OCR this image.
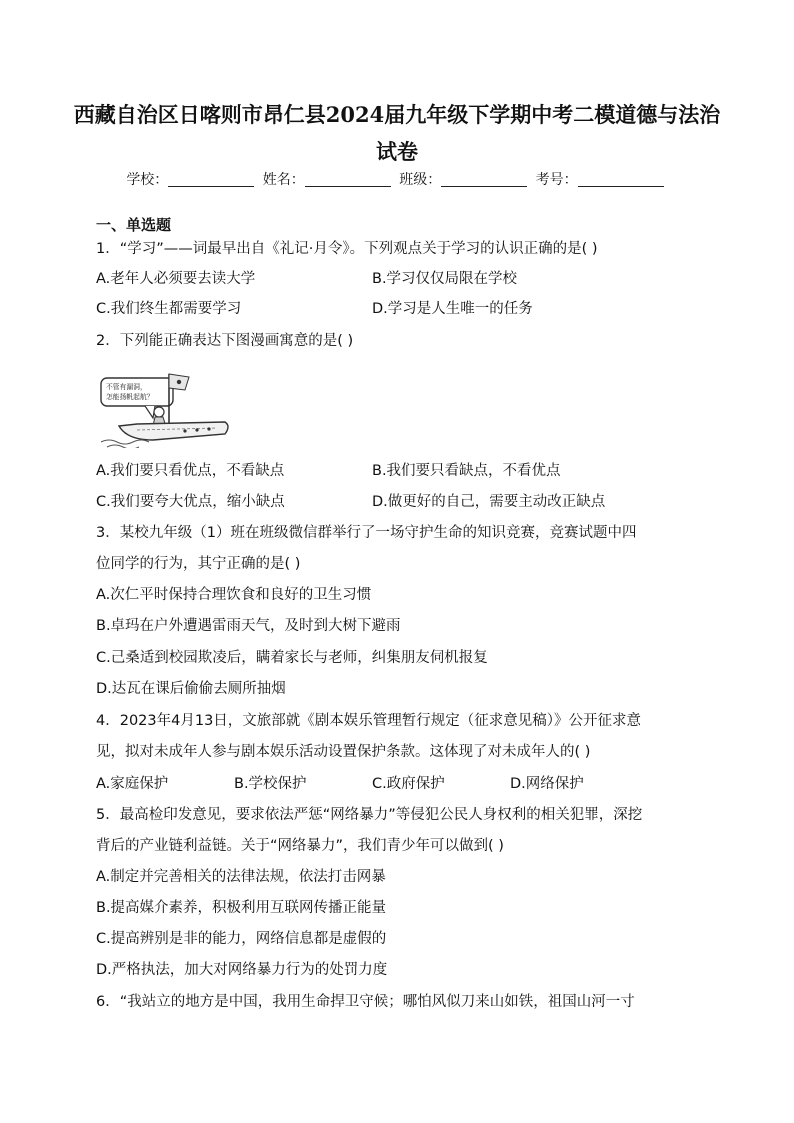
西藏自治区日喀则市昂仁县2024届九年级下学期中考二模道德与法治
试卷
学校：	姓名：	班级：	考号：
一、单选题
1．“学习”——词最早出自《礼记·月令》。下列观点关于学习的认识正确的是( )
A.老年人必须要去读大学	B.学习仅仅局限在学校
C.我们终生都需要学习	D.学习是人生唯一的任务
2．下列能正确表达下图漫画寓意的是( )
不管有漏洞，
怎能扬帆起航？
A.我们要只看优点，不看缺点	B.我们要只看缺点，不看优点
C.我们要夸大优点，缩小缺点	D.做更好的自己，需要主动改正缺点
3．某校九年级（1）班在班级微信群举行了一场守护生命的知识竞赛，竞赛试题中四
位同学的行为，其宁正确的是( )
A.次仁平时保持合理饮食和良好的卫生习惯
B.卓玛在户外遭遇雷雨天气，及时到大树下避雨
C.己桑适到校园欺凌后，瞒着家长与老师，纠集朋友伺机报复
D.达瓦在课后偷偷去厕所抽烟
4．2023年4月13日，文旅部就《剧本娱乐管理暂行规定（征求意见稿）》公开征求意
见，拟对未成年人参与剧本娱乐活动设置保护条款。这体现了对未成年人的( )
A.家庭保护	B.学校保护	C.政府保护	D.网络保护
5．最高检印发意见，要求依法严惩“网络暴力”等侵犯公民人身权利的相关犯罪，深挖
背后的产业链利益链。关于“网络暴力”，我们青少年可以做到( )
A.制定并完善相关的法律法规，依法打击网暴
B.提高媒介素养，积极利用互联网传播正能量
C.提高辨别是非的能力，网络信息都是虚假的
D.严格执法，加大对网络暴力行为的处罚力度
6．“我站立的地方是中国，我用生命捍卫守候；哪怕风似刀来山如铁，祖国山河一寸
